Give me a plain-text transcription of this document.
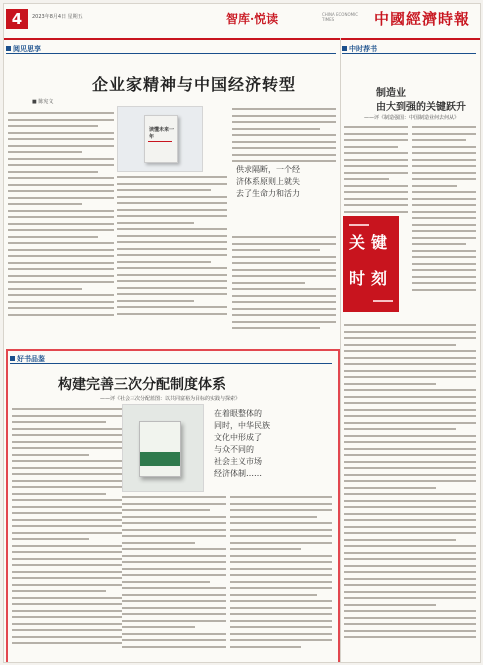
4	2023年8月4日 星期五	智库·悦读	CHINA ECONOMIC TIMES	中國經濟時報
阅见思享
企业家精神与中国经济转型
■ 陈宪文
读懂未来一年
供求隔断，一个经
济体系原则上就失
去了生命力和活力
中时荐书
制造业
由大到强的关键跃升
——评《制造强国：中国制造业何去何从》
关 键
时 刻
好书品鉴
构建完善三次分配制度体系
——评《社会三次分配蓝图：以共同富裕为目标的实践与探索》
在着眼整体的
同时，中华民族
文化中形成了
与众不同的
社会主义市场
经济体制……
